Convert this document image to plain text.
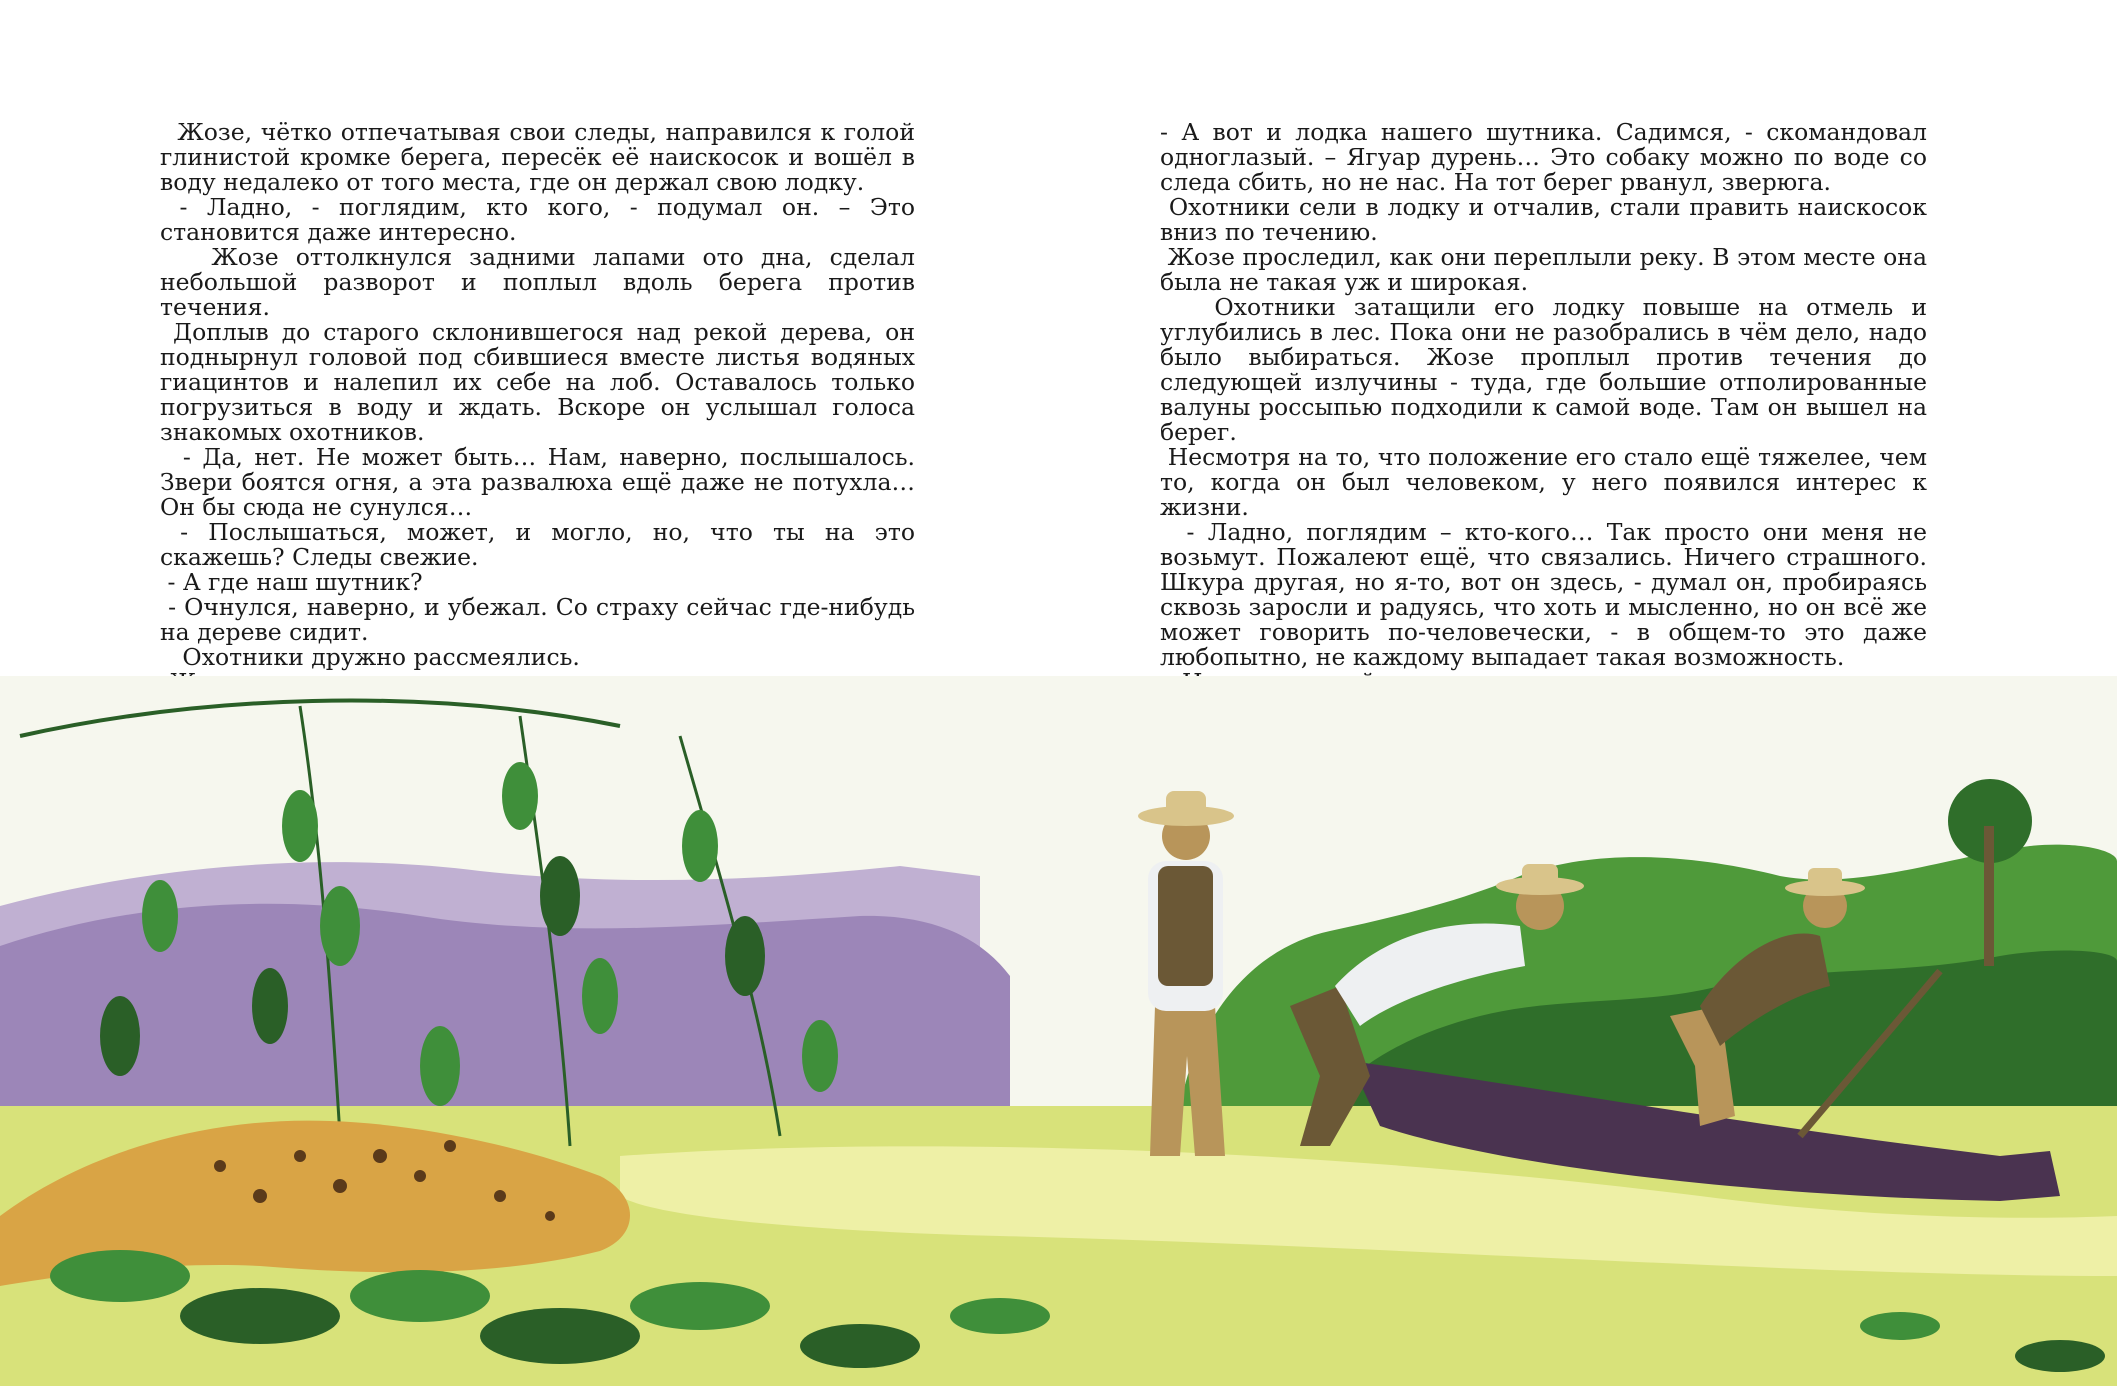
Жозе, чётко отпечатывая свои следы, направился к голой глинистой кромке берега, пересёк её наискосок и вошёл в воду недалеко от того места, где он держал свою лодку.

- Ладно, - поглядим, кто кого, - подумал он. – Это становится даже интересно.

Жозе оттолкнулся задними лапами ото дна, сделал небольшой разворот и поплыл вдоль берега против течения.

Доплыв до старого склонившегося над рекой дерева, он поднырнул головой под сбившиеся вместе листья водяных гиацинтов и налепил их себе на лоб. Оставалось только погрузиться в воду и ждать. Вскоре он услышал голоса знакомых охотников.

- Да, нет. Не может быть… Нам, наверно, послышалось. Звери боятся огня, а эта развалюха ещё даже не потухла… Он бы сюда не сунулся…

- Послышаться, может, и могло, но, что ты на это скажешь? Следы свежие.

- А где наш шутник?

- Очнулся, наверно, и убежал. Со страху сейчас где-нибудь на дереве сидит.

Охотники дружно рассмеялись.

- А вот и лодка нашего шутника. Садимся, - скомандовал одноглазый. – Ягуар дурень… Это собаку можно по воде со следа сбить, но не нас. На тот берег рванул, зверюга.

Охотники сели в лодку и отчалив, стали править наискосок вниз по течению.

Жозе проследил, как они переплыли реку. В этом месте она была не такая уж и широкая.

Охотники затащили его лодку повыше на отмель и углубились в лес. Пока они не разобрались в чём дело, надо было выбираться. Жозе проплыл против течения до следующей излучины - туда, где большие отполированные валуны россыпью подходили к самой воде. Там он вышел на берег.

Несмотря на то, что положение его стало ещё тяжелее, чем то, когда он был человеком, у него появился интерес к жизни.

- Ладно, поглядим – кто-кого… Так просто они меня не возьмут. Пожалеют ещё, что связались. Ничего страшного. Шкура другая, но я-то, вот он здесь, - думал он, пробираясь сквозь заросли и радуясь, что хоть и мысленно, но он всё же может говорить по-человечески, - в общем-то это даже любопытно, не каждому выпадает такая возможность.
